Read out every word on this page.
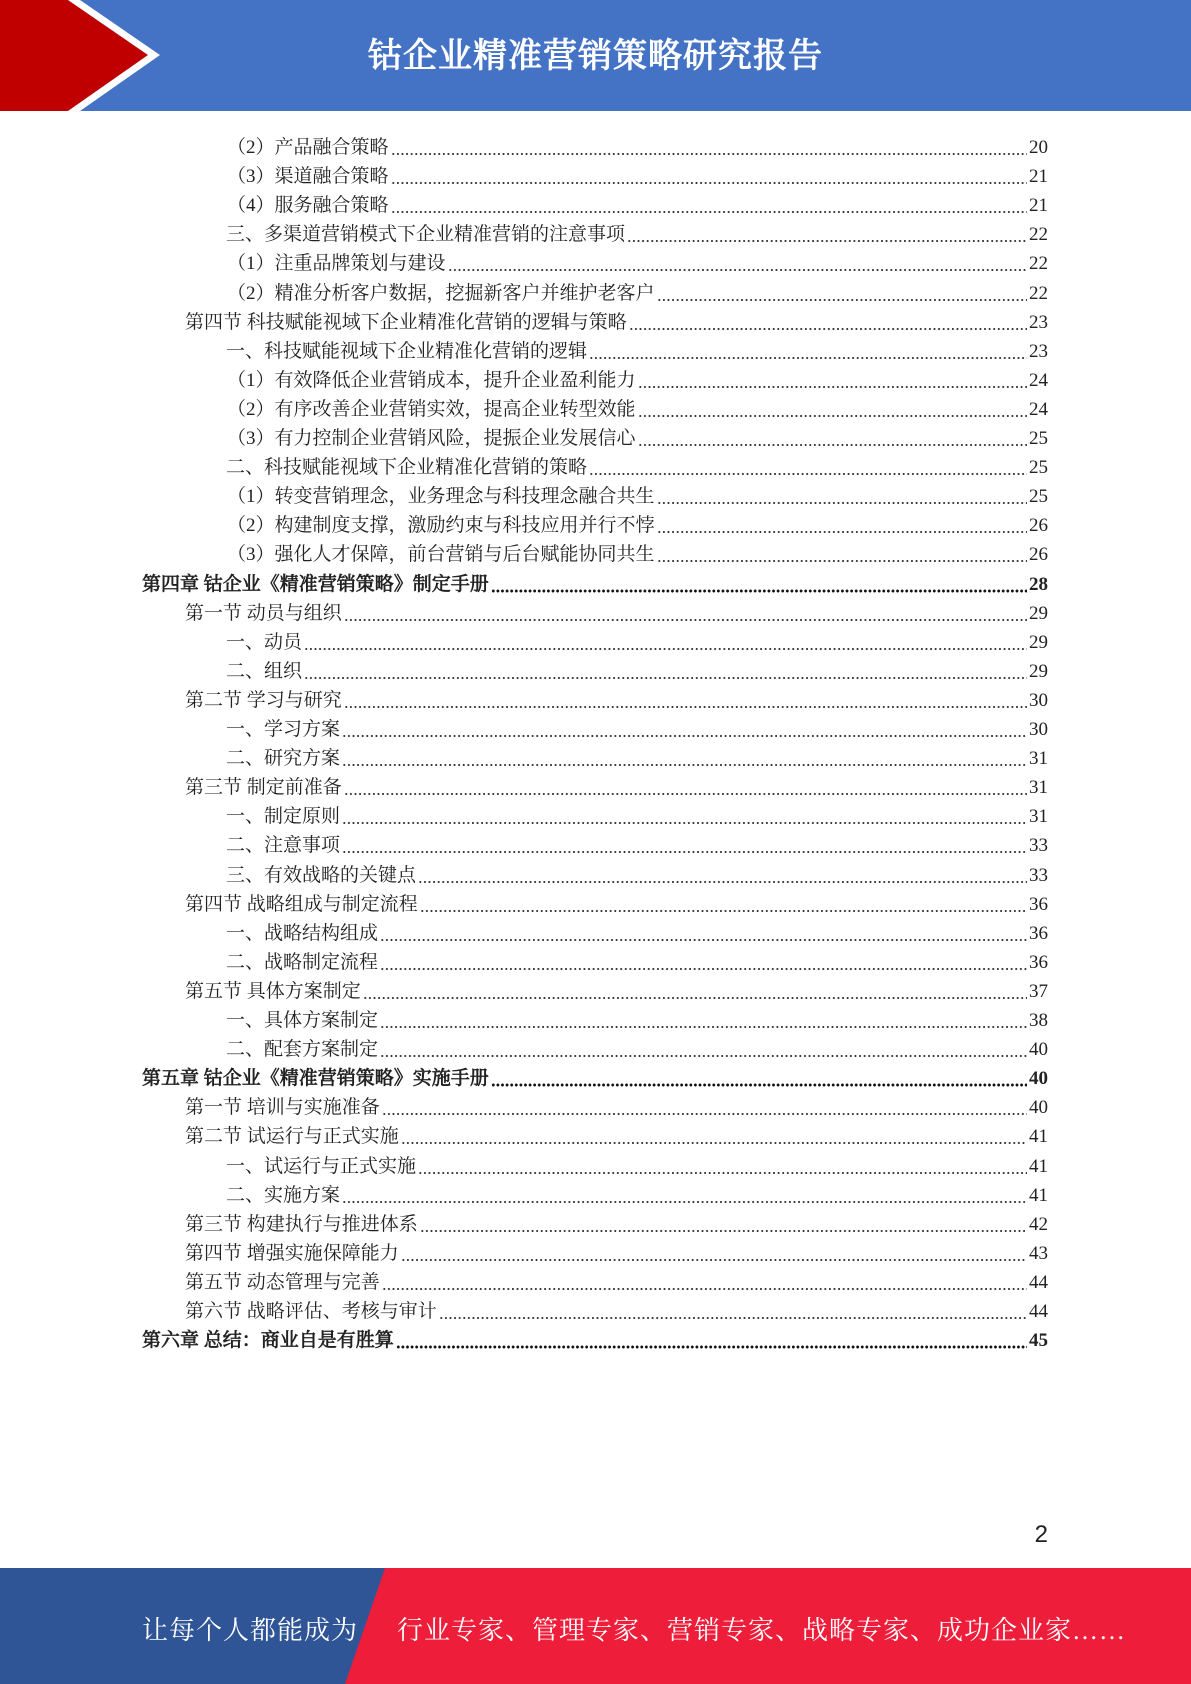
钴企业精准营销策略研究报告
（2）产品融合策略	20
（3）渠道融合策略	21
（4）服务融合策略	21
三、多渠道营销模式下企业精准营销的注意事项	22
（1）注重品牌策划与建设	22
（2）精准分析客户数据，挖掘新客户并维护老客户	22
第四节 科技赋能视域下企业精准化营销的逻辑与策略	23
一、科技赋能视域下企业精准化营销的逻辑	23
（1）有效降低企业营销成本，提升企业盈利能力	24
（2）有序改善企业营销实效，提高企业转型效能	24
（3）有力控制企业营销风险，提振企业发展信心	25
二、科技赋能视域下企业精准化营销的策略	25
（1）转变营销理念，业务理念与科技理念融合共生	25
（2）构建制度支撑，激励约束与科技应用并行不悖	26
（3）强化人才保障，前台营销与后台赋能协同共生	26
第四章 钴企业《精准营销策略》制定手册	28
第一节 动员与组织	29
一、动员	29
二、组织	29
第二节 学习与研究	30
一、学习方案	30
二、研究方案	31
第三节 制定前准备	31
一、制定原则	31
二、注意事项	33
三、有效战略的关键点	33
第四节 战略组成与制定流程	36
一、战略结构组成	36
二、战略制定流程	36
第五节 具体方案制定	37
一、具体方案制定	38
二、配套方案制定	40
第五章 钴企业《精准营销策略》实施手册	40
第一节 培训与实施准备	40
第二节 试运行与正式实施	41
一、试运行与正式实施	41
二、实施方案	41
第三节 构建执行与推进体系	42
第四节 增强实施保障能力	43
第五节 动态管理与完善	44
第六节 战略评估、考核与审计	44
第六章 总结：商业自是有胜算	45
2
让每个人都能成为 行业专家、管理专家、营销专家、战略专家、成功企业家……
